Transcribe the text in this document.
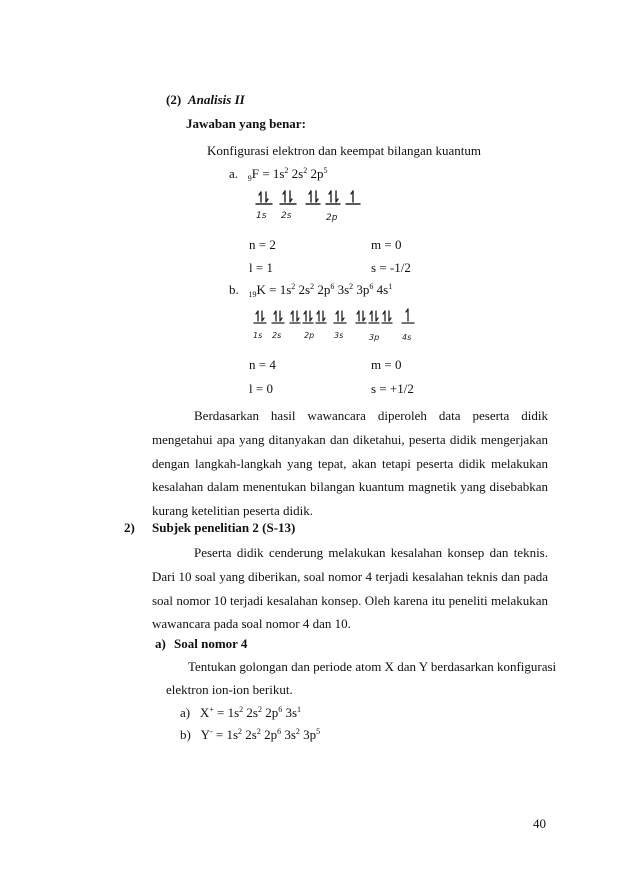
(2) Analisis II
Jawaban yang benar:
Konfigurasi elektron dan keempat bilangan kuantum
a. $_9F = 1s^2$ $2s^2$ $2p^5$
1s 2s	2p
n = 2	m = 0
l = 1	s = -1/2
b. $_{19}K = 1s^2$ $2s^2$ $2p^6$ $3s^2$ $3p^6$ $4s^1$
1s 2s	2p 3s	3p	4s
n = 4	m = 0
l = 0	s = +1/2
Berdasarkan hasil wawancara diperoleh data peserta didik mengetahui apa yang ditanyakan dan diketahui, peserta didik mengerjakan dengan langkah-langkah yang tepat, akan tetapi peserta didik melakukan kesalahan dalam menentukan bilangan kuantum magnetik yang disebabkan kurang ketelitian peserta didik.
2) Subjek penelitian 2 (S-13)
Peserta didik cenderung melakukan kesalahan konsep dan teknis. Dari 10 soal yang diberikan, soal nomor 4 terjadi kesalahan teknis dan pada soal nomor 10 terjadi kesalahan konsep. Oleh karena itu peneliti melakukan wawancara pada soal nomor 4 dan 10.
a) Soal nomor 4
Tentukan golongan dan periode atom X dan Y berdasarkan konfigurasi
elektron ion-ion berikut.
a) $X^+ = 1s^2$ $2s^2$ $2p^6$ $3s^1$
b) $Y^- = 1s^2$ $2s^2$ $2p^6$ $3s^2$ $3p^5$
40
